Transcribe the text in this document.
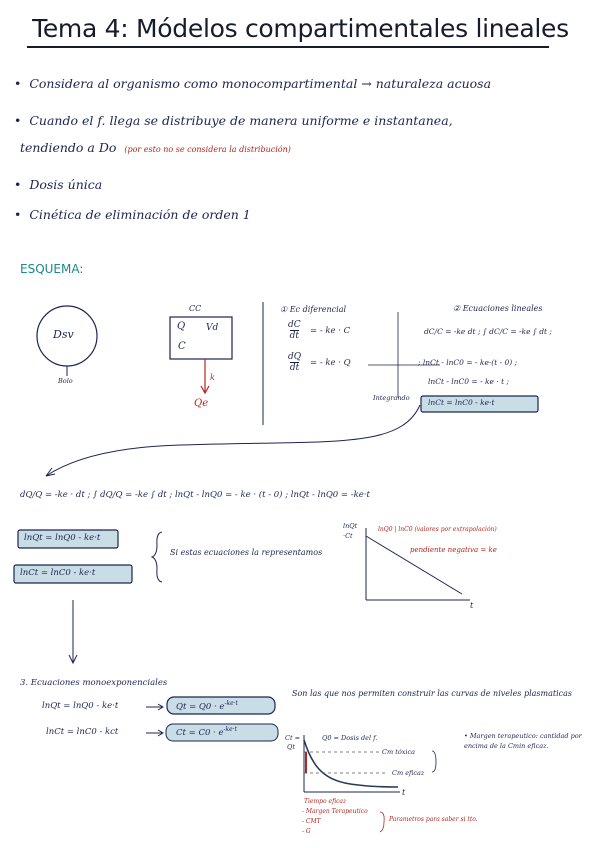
Tema 4: Módelos compartimentales lineales
• Considera al organismo como monocompartimental → naturaleza acuosa
• Cuando el f. llega se distribuye de manera uniforme e instantanea,
tendiendo a Do (por esto no se considera la distribución)
• Dosis única
• Cinética de eliminación de orden 1
ESQUEMA:
Dsv
Bolo
CC
Q Vd
C
k
Qe
① Ec diferencial
dC
dt = - ke · C
dQ
dt = - ke · Q
Integrando
② Ecuaciones lineales
dC/C = -ke dt ; ∫ dC/C = -ke ∫ dt ;
; lnCt - lnC0 = - ke·(t - 0) ;
lnCt - lnC0 = - ke · t ;
lnCt = lnC0 - ke·t
dQ/Q = -ke · dt ; ∫ dQ/Q = -ke ∫ dt ; lnQt - lnQ0 = - ke · (t - 0) ; lnQt - lnQ0 = -ke·t
lnQt = lnQ0 - ke·t
lnCt = lnC0 - ke·t
Si estas ecuaciones la representamos
lnQt
·Ct
lnQ0 | lnC0 (valores por extrapolación)
pendiente negativa = ke
t
3. Ecuaciones monoexponenciales
lnQt = lnQ0 - ke·t	$Qt = Q0 \cdot e^{-ke\cdot t}$
lnCt = lnC0 - kct	$Ct = C0 \cdot e^{-ke\cdot t}$
Son las que nos permiten construir las curvas de niveles plasmaticas
Ct =
Qt
Q0 = Dosis del f.
Cm tóxica
Cm eficaz
t
Tiempo eficaz
- Margen Terapeutico
- CMT
- G
Parametros para saber si tto.
• Margen terapeutico: cantidad por encima de la Cmin eficaz.
